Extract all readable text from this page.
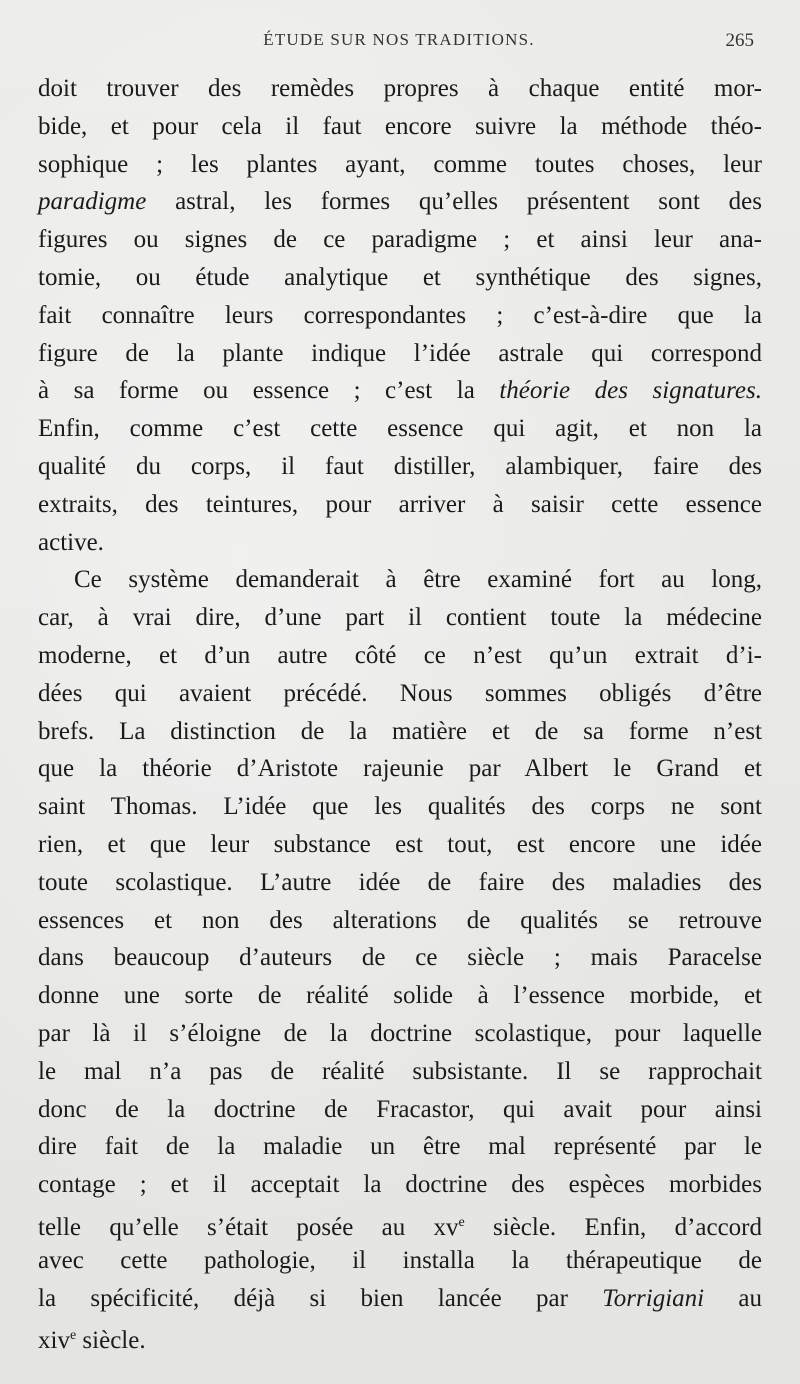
ÉTUDE SUR NOS TRADITIONS.	265
doit trouver des remèdes propres à chaque entité mor-
bide, et pour cela il faut encore suivre la méthode théo-
sophique ; les plantes ayant, comme toutes choses, leur
paradigme astral, les formes qu’elles présentent sont des
figures ou signes de ce paradigme ; et ainsi leur ana-
tomie, ou étude analytique et synthétique des signes,
fait connaître leurs correspondantes ; c’est-à-dire que la
figure de la plante indique l’idée astrale qui correspond
à sa forme ou essence ; c’est la théorie des signatures.
Enfin, comme c’est cette essence qui agit, et non la
qualité du corps, il faut distiller, alambiquer, faire des
extraits, des teintures, pour arriver à saisir cette essence
active.
Ce système demanderait à être examiné fort au long,
car, à vrai dire, d’une part il contient toute la médecine
moderne, et d’un autre côté ce n’est qu’un extrait d’i-
dées qui avaient précédé. Nous sommes obligés d’être
brefs. La distinction de la matière et de sa forme n’est
que la théorie d’Aristote rajeunie par Albert le Grand et
saint Thomas. L’idée que les qualités des corps ne sont
rien, et que leur substance est tout, est encore une idée
toute scolastique. L’autre idée de faire des maladies des
essences et non des alterations de qualités se retrouve
dans beaucoup d’auteurs de ce siècle ; mais Paracelse
donne une sorte de réalité solide à l’essence morbide, et
par là il s’éloigne de la doctrine scolastique, pour laquelle
le mal n’a pas de réalité subsistante. Il se rapprochait
donc de la doctrine de Fracastor, qui avait pour ainsi
dire fait de la maladie un être mal représenté par le
contage ; et il acceptait la doctrine des espèces morbides
telle qu’elle s’était posée au $xv^e$ siècle. Enfin, d’accord
avec cette pathologie, il installa la thérapeutique de
la spécificité, déjà si bien lancée par Torrigiani au
xiv$^e$ siècle.
